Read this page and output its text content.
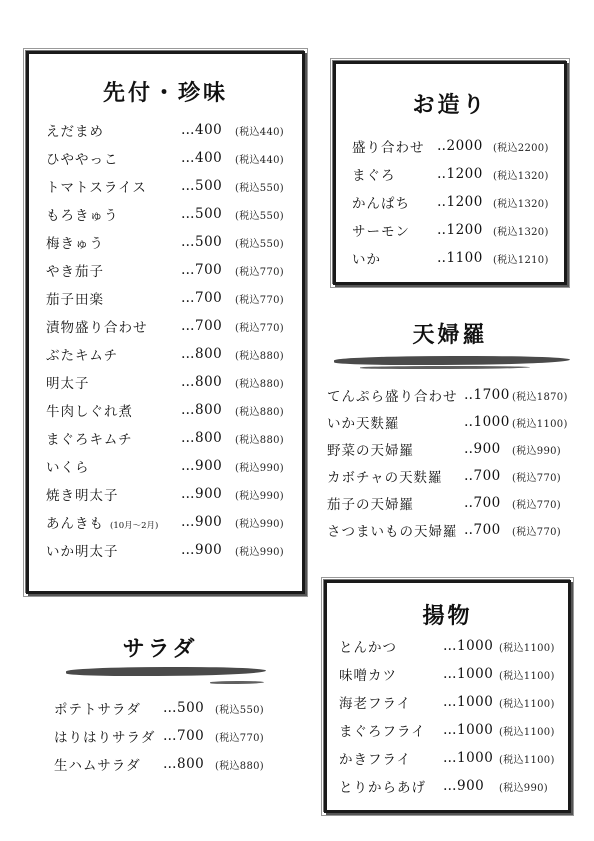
先付・珍味
えだまめ	…400 (税込440)
ひややっこ	…400 (税込440)
トマトスライス	…500 (税込550)
もろきゅう	…500 (税込550)
梅きゅう	…500 (税込550)
やき茄子	…700 (税込770)
茄子田楽	…700 (税込770)
漬物盛り合わせ …700 (税込770)
ぶたキムチ	…800 (税込880)
明太子	…800 (税込880)
牛肉しぐれ煮	…800 (税込880)
まぐろキムチ	…800 (税込880)
いくら	…900 (税込990)
焼き明太子	…900 (税込990)
あんきも (10月～2月) …900 (税込990)
いか明太子	…900 (税込990)
お造り
盛り合わせ ‥2000 (税込2200)
まぐろ	‥1200 (税込1320)
かんぱち ‥1200 (税込1320)
サーモン ‥1200 (税込1320)
いか	‥1100 (税込1210)
天婦羅
てんぷら盛り合わせ ‥1700 (税込1870)
いか天麩羅	‥1000 (税込1100)
野菜の天婦羅	‥900 (税込990)
カボチャの天麩羅 ‥700 (税込770)
茄子の天婦羅	‥700 (税込770)
さつまいもの天婦羅 ‥700 (税込770)
揚物
とんかつ	…1000 (税込1100)
味噌カツ	…1000 (税込1100)
海老フライ …1000 (税込1100)
まぐろフライ …1000 (税込1100)
かきフライ …1000 (税込1100)
とりからあげ …900 (税込990)
サラダ
ポテトサラダ …500 (税込550)
はりはりサラダ …700 (税込770)
生ハムサラダ …800 (税込880)
